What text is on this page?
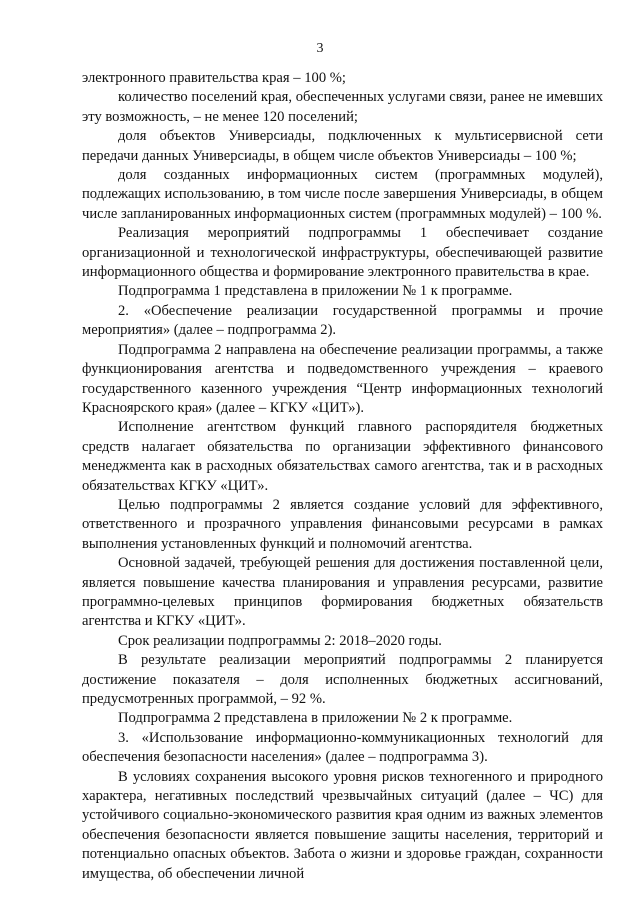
3

электронного правительства края – 100 %;

количество поселений края, обеспеченных услугами связи, ранее не имевших эту возможность, – не менее 120 поселений;

доля объектов Универсиады, подключенных к мультисервисной сети передачи данных Универсиады, в общем числе объектов Универсиады – 100 %;

доля созданных информационных систем (программных модулей), подлежащих использованию, в том числе после завершения Универсиады, в общем числе запланированных информационных систем (программных модулей) – 100 %.

Реализация мероприятий подпрограммы 1 обеспечивает создание организационной и технологической инфраструктуры, обеспечивающей развитие информационного общества и формирование электронного правительства в крае.

Подпрограмма 1 представлена в приложении № 1 к программе.

2. «Обеспечение реализации государственной программы и прочие мероприятия» (далее – подпрограмма 2).

Подпрограмма 2 направлена на обеспечение реализации программы, а также функционирования агентства и подведомственного учреждения – краевого государственного казенного учреждения “Центр информационных технологий Красноярского края» (далее – КГКУ «ЦИТ»).

Исполнение агентством функций главного распорядителя бюджетных средств налагает обязательства по организации эффективного финансового менеджмента как в расходных обязательствах самого агентства, так и в расходных обязательствах КГКУ «ЦИТ».

Целью подпрограммы 2 является создание условий для эффективного, ответственного и прозрачного управления финансовыми ресурсами в рамках выполнения установленных функций и полномочий агентства.

Основной задачей, требующей решения для достижения поставленной цели, является повышение качества планирования и управления ресурсами, развитие программно-целевых принципов формирования бюджетных обязательств агентства и КГКУ «ЦИТ».

Срок реализации подпрограммы 2: 2018–2020 годы.

В результате реализации мероприятий подпрограммы 2 планируется достижение показателя – доля исполненных бюджетных ассигнований, предусмотренных программой, – 92 %.

Подпрограмма 2 представлена в приложении № 2 к программе.

3. «Использование информационно-коммуникационных технологий для обеспечения безопасности населения» (далее – подпрограмма 3).

В условиях сохранения высокого уровня рисков техногенного и природного характера, негативных последствий чрезвычайных ситуаций (далее – ЧС) для устойчивого социально-экономического развития края одним из важных элементов обеспечения безопасности является повышение защиты населения, территорий и потенциально опасных объектов. Забота о жизни и здоровье граждан, сохранности имущества, об обеспечении личной
